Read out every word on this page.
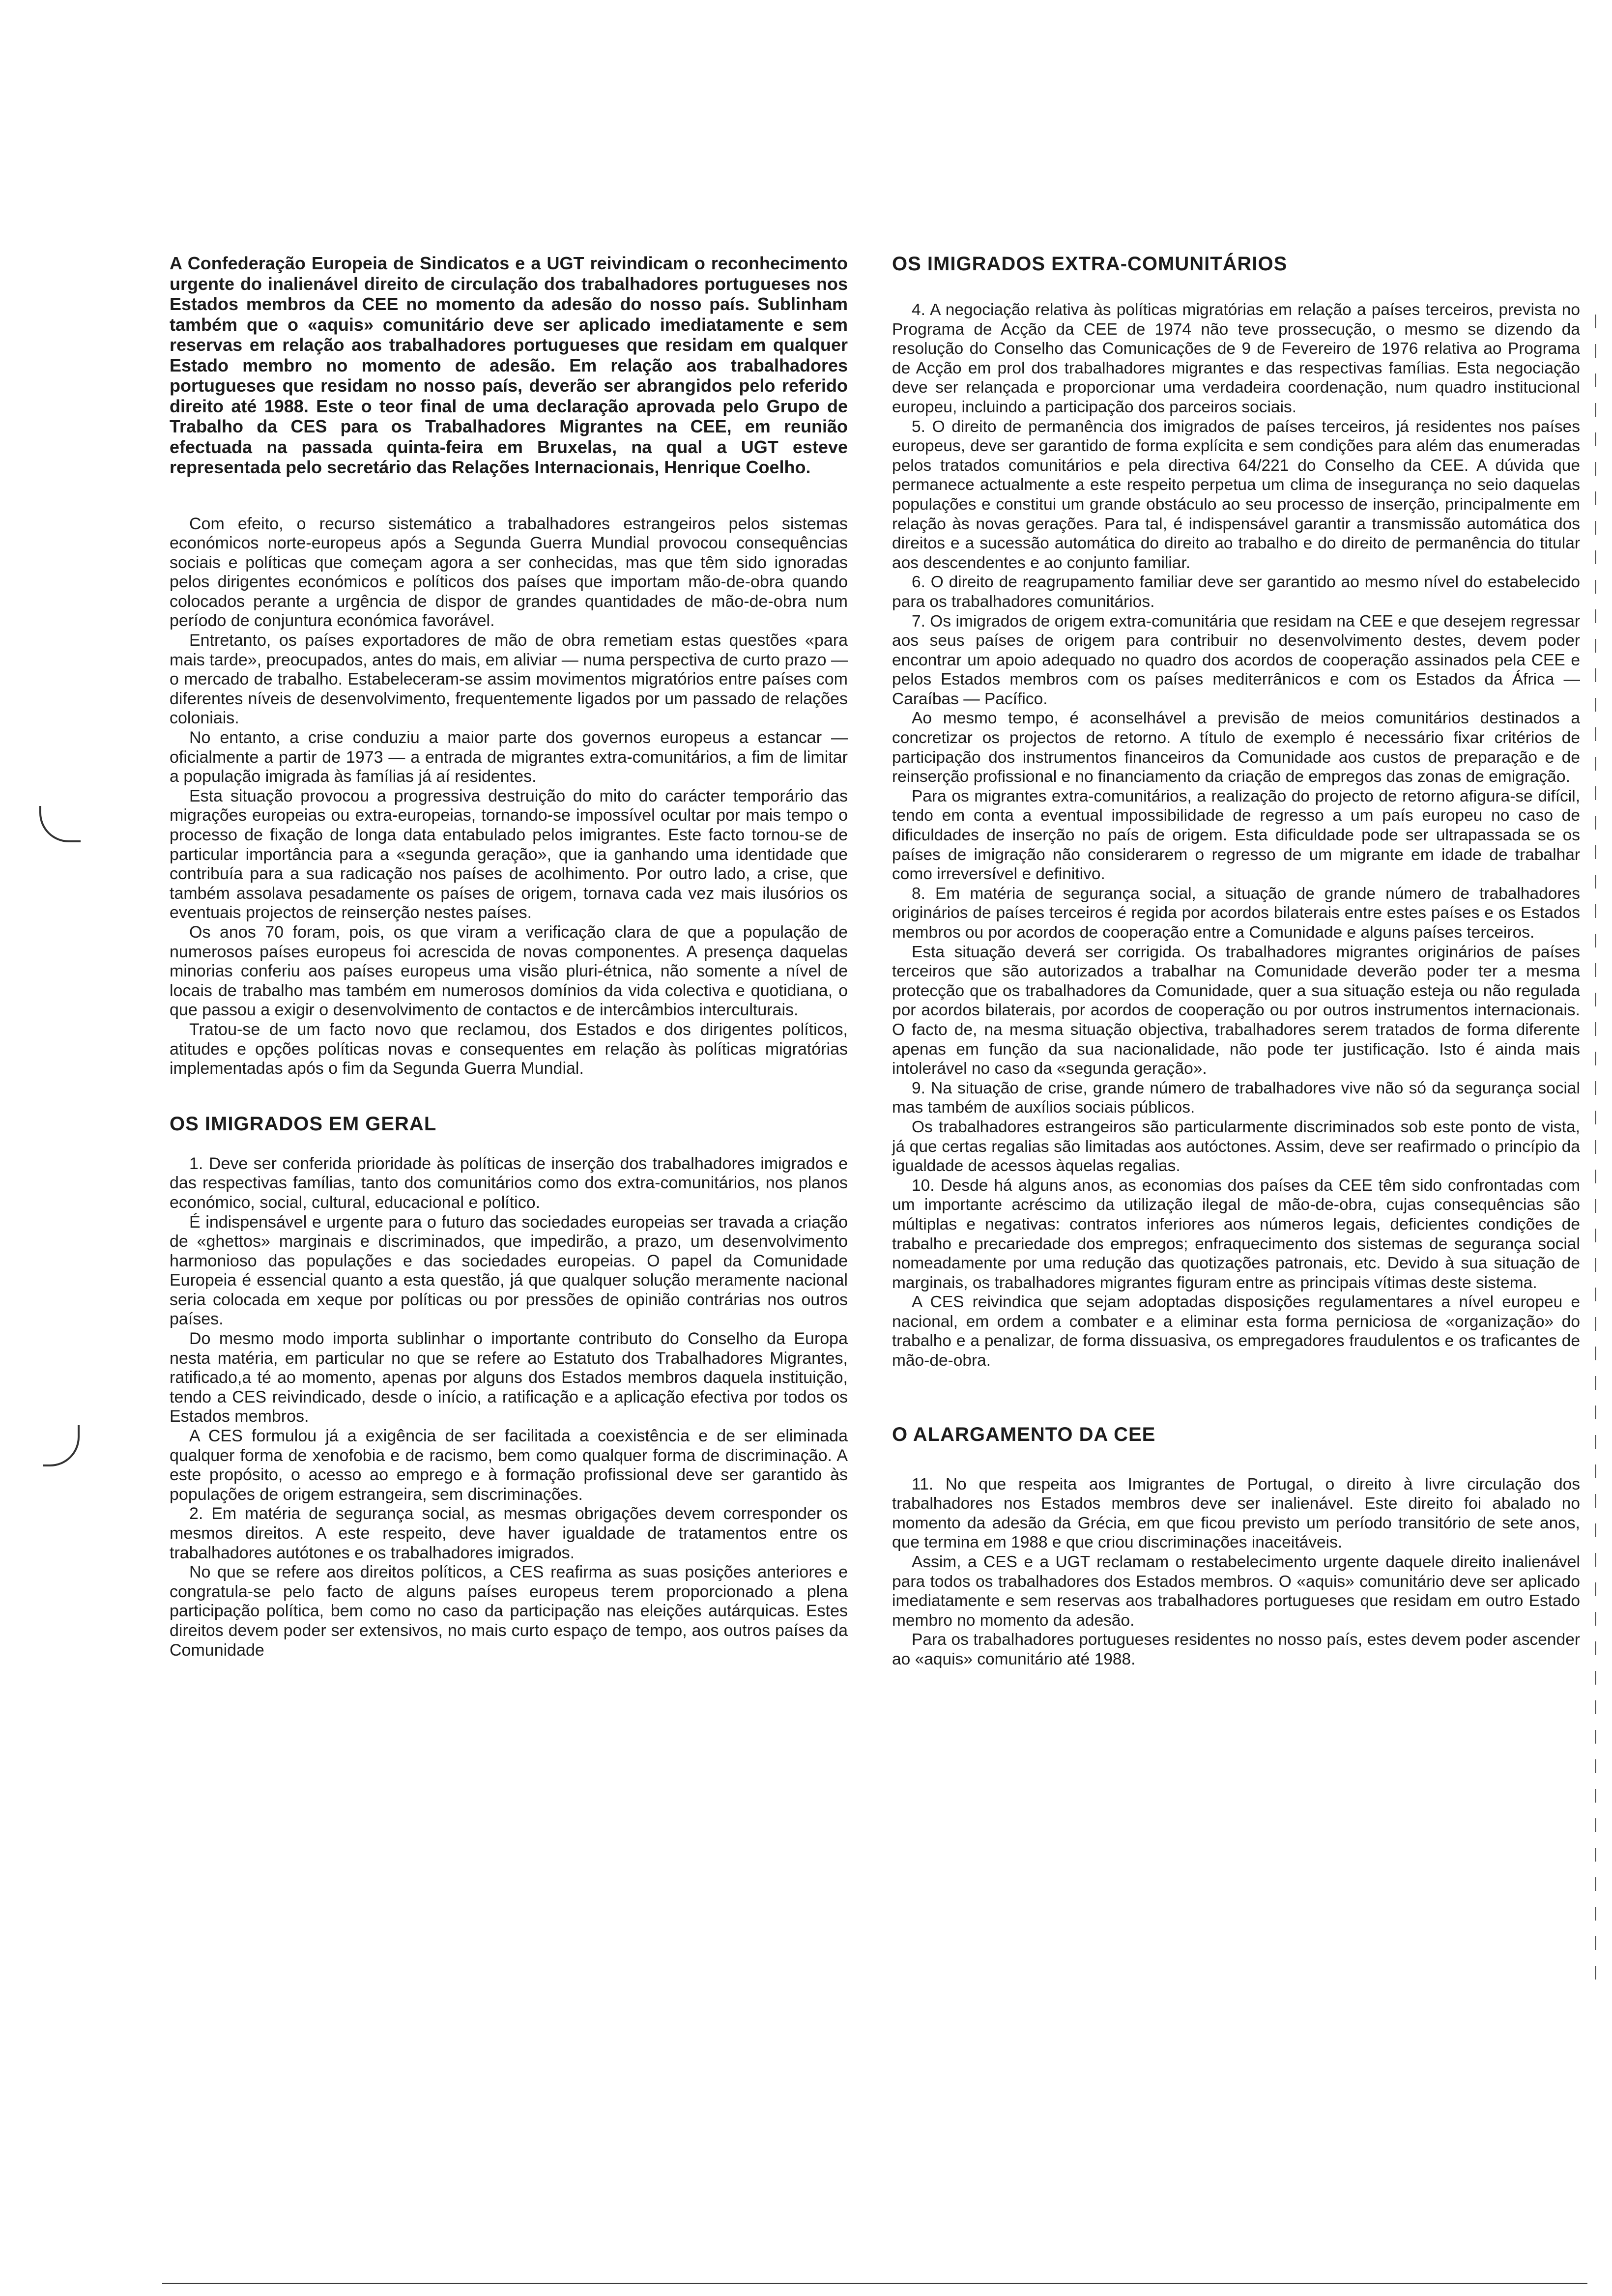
A Confederação Europeia de Sindicatos e a UGT reivindicam o reconhecimento urgente do inalienável direito de circulação dos trabalhadores portugueses nos Estados membros da CEE no momento da adesão do nosso país. Sublinham também que o «aquis» comunitário deve ser aplicado imediatamente e sem reservas em relação aos trabalhadores portugueses que residam em qualquer Estado membro no momento de adesão. Em relação aos trabalhadores portugueses que residam no nosso país, deverão ser abrangidos pelo referido direito até 1988. Este o teor final de uma declaração aprovada pelo Grupo de Trabalho da CES para os Trabalhadores Migrantes na CEE, em reunião efectuada na passada quinta-feira em Bruxelas, na qual a UGT esteve representada pelo secretário das Relações Internacionais, Henrique Coelho.

Com efeito, o recurso sistemático a trabalhadores estrangeiros pelos sistemas económicos norte-europeus após a Segunda Guerra Mundial provocou consequências sociais e políticas que começam agora a ser conhecidas, mas que têm sido ignoradas pelos dirigentes económicos e políticos dos países que importam mão-de-obra quando colocados perante a urgência de dispor de grandes quantidades de mão-de-obra num período de conjuntura económica favorável.

Entretanto, os países exportadores de mão de obra remetiam estas questões «para mais tarde», preocupados, antes do mais, em aliviar — numa perspectiva de curto prazo — o mercado de trabalho. Estabeleceram-se assim movimentos migratórios entre países com diferentes níveis de desenvolvimento, frequentemente ligados por um passado de relações coloniais.

No entanto, a crise conduziu a maior parte dos governos europeus a estancar — oficialmente a partir de 1973 — a entrada de migrantes extra-comunitários, a fim de limitar a população imigrada às famílias já aí residentes.

Esta situação provocou a progressiva destruição do mito do carácter temporário das migrações europeias ou extra-europeias, tornando-se impossível ocultar por mais tempo o processo de fixação de longa data entabulado pelos imigrantes. Este facto tornou-se de particular importância para a «segunda geração», que ia ganhando uma identidade que contribuía para a sua radicação nos países de acolhimento. Por outro lado, a crise, que também assolava pesadamente os países de origem, tornava cada vez mais ilusórios os eventuais projectos de reinserção nestes países.

Os anos 70 foram, pois, os que viram a verificação clara de que a população de numerosos países europeus foi acrescida de novas componentes. A presença daquelas minorias conferiu aos países europeus uma visão pluri-étnica, não somente a nível de locais de trabalho mas também em numerosos domínios da vida colectiva e quotidiana, o que passou a exigir o desenvolvimento de contactos e de intercâmbios interculturais.

Tratou-se de um facto novo que reclamou, dos Estados e dos dirigentes políticos, atitudes e opções políticas novas e consequentes em relação às políticas migratórias implementadas após o fim da Segunda Guerra Mundial.

OS IMIGRADOS EM GERAL

1. Deve ser conferida prioridade às políticas de inserção dos trabalhadores imigrados e das respectivas famílias, tanto dos comunitários como dos extra-comunitários, nos planos económico, social, cultural, educacional e político.

É indispensável e urgente para o futuro das sociedades europeias ser travada a criação de «ghettos» marginais e discriminados, que impedirão, a prazo, um desenvolvimento harmonioso das populações e das sociedades europeias. O papel da Comunidade Europeia é essencial quanto a esta questão, já que qualquer solução meramente nacional seria colocada em xeque por políticas ou por pressões de opinião contrárias nos outros países.

Do mesmo modo importa sublinhar o importante contributo do Conselho da Europa nesta matéria, em particular no que se refere ao Estatuto dos Trabalhadores Migrantes, ratificado,a té ao momento, apenas por alguns dos Estados membros daquela instituição, tendo a CES reivindicado, desde o início, a ratificação e a aplicação efectiva por todos os Estados membros.

A CES formulou já a exigência de ser facilitada a coexistência e de ser eliminada qualquer forma de xenofobia e de racismo, bem como qualquer forma de discriminação. A este propósito, o acesso ao emprego e à formação profissional deve ser garantido às populações de origem estrangeira, sem discriminações.

2. Em matéria de segurança social, as mesmas obrigações devem corresponder os mesmos direitos. A este respeito, deve haver igualdade de tratamentos entre os trabalhadores autótones e os trabalhadores imigrados.

No que se refere aos direitos políticos, a CES reafirma as suas posições anteriores e congratula-se pelo facto de alguns países europeus terem proporcionado a plena participação política, bem como no caso da participação nas eleições autárquicas. Estes direitos devem poder ser extensivos, no mais curto espaço de tempo, aos outros países da Comunidade

OS IMIGRADOS EXTRA-COMUNITÁRIOS

4. A negociação relativa às políticas migratórias em relação a países terceiros, prevista no Programa de Acção da CEE de 1974 não teve prossecução, o mesmo se dizendo da resolução do Conselho das Comunicações de 9 de Fevereiro de 1976 relativa ao Programa de Acção em prol dos trabalhadores migrantes e das respectivas famílias. Esta negociação deve ser relançada e proporcionar uma verdadeira coordenação, num quadro institucional europeu, incluindo a participação dos parceiros sociais.

5. O direito de permanência dos imigrados de países terceiros, já residentes nos países europeus, deve ser garantido de forma explícita e sem condições para além das enumeradas pelos tratados comunitários e pela directiva 64/221 do Conselho da CEE. A dúvida que permanece actualmente a este respeito perpetua um clima de insegurança no seio daquelas populações e constitui um grande obstáculo ao seu processo de inserção, principalmente em relação às novas gerações. Para tal, é indispensável garantir a transmissão automática dos direitos e a sucessão automática do direito ao trabalho e do direito de permanência do titular aos descendentes e ao conjunto familiar.

6. O direito de reagrupamento familiar deve ser garantido ao mesmo nível do estabelecido para os trabalhadores comunitários.

7. Os imigrados de origem extra-comunitária que residam na CEE e que desejem regressar aos seus países de origem para contribuir no desenvolvimento destes, devem poder encontrar um apoio adequado no quadro dos acordos de cooperação assinados pela CEE e pelos Estados membros com os países mediterrânicos e com os Estados da África — Caraíbas — Pacífico.

Ao mesmo tempo, é aconselhável a previsão de meios comunitários destinados a concretizar os projectos de retorno. A título de exemplo é necessário fixar critérios de participação dos instrumentos financeiros da Comunidade aos custos de preparação e de reinserção profissional e no financiamento da criação de empregos das zonas de emigração.

Para os migrantes extra-comunitários, a realização do projecto de retorno afigura-se difícil, tendo em conta a eventual impossibilidade de regresso a um país europeu no caso de dificuldades de inserção no país de origem. Esta dificuldade pode ser ultrapassada se os países de imigração não considerarem o regresso de um migrante em idade de trabalhar como irreversível e definitivo.

8. Em matéria de segurança social, a situação de grande número de trabalhadores originários de países terceiros é regida por acordos bilaterais entre estes países e os Estados membros ou por acordos de cooperação entre a Comunidade e alguns países terceiros.

Esta situação deverá ser corrigida. Os trabalhadores migrantes originários de países terceiros que são autorizados a trabalhar na Comunidade deverão poder ter a mesma protecção que os trabalhadores da Comunidade, quer a sua situação esteja ou não regulada por acordos bilaterais, por acordos de cooperação ou por outros instrumentos internacionais. O facto de, na mesma situação objectiva, trabalhadores serem tratados de forma diferente apenas em função da sua nacionalidade, não pode ter justificação. Isto é ainda mais intolerável no caso da «segunda geração».

9. Na situação de crise, grande número de trabalhadores vive não só da segurança social mas também de auxílios sociais públicos.

Os trabalhadores estrangeiros são particularmente discriminados sob este ponto de vista, já que certas regalias são limitadas aos autóctones. Assim, deve ser reafirmado o princípio da igualdade de acessos àquelas regalias.

10. Desde há alguns anos, as economias dos países da CEE têm sido confrontadas com um importante acréscimo da utilização ilegal de mão-de-obra, cujas consequências são múltiplas e negativas: contratos inferiores aos números legais, deficientes condições de trabalho e precariedade dos empregos; enfraquecimento dos sistemas de segurança social nomeadamente por uma redução das quotizações patronais, etc. Devido à sua situação de marginais, os trabalhadores migrantes figuram entre as principais vítimas deste sistema.

A CES reivindica que sejam adoptadas disposições regulamentares a nível europeu e nacional, em ordem a combater e a eliminar esta forma perniciosa de «organização» do trabalho e a penalizar, de forma dissuasiva, os empregadores fraudulentos e os traficantes de mão-de-obra.

O ALARGAMENTO DA CEE

11. No que respeita aos Imigrantes de Portugal, o direito à livre circulação dos trabalhadores nos Estados membros deve ser inalienável. Este direito foi abalado no momento da adesão da Grécia, em que ficou previsto um período transitório de sete anos, que termina em 1988 e que criou discriminações inaceitáveis.

Assim, a CES e a UGT reclamam o restabelecimento urgente daquele direito inalienável para todos os trabalhadores dos Estados membros. O «aquis» comunitário deve ser aplicado imediatamente e sem reservas aos trabalhadores portugueses que residam em outro Estado membro no momento da adesão.

Para os trabalhadores portugueses residentes no nosso país, estes devem poder ascender ao «aquis» comunitário até 1988.
